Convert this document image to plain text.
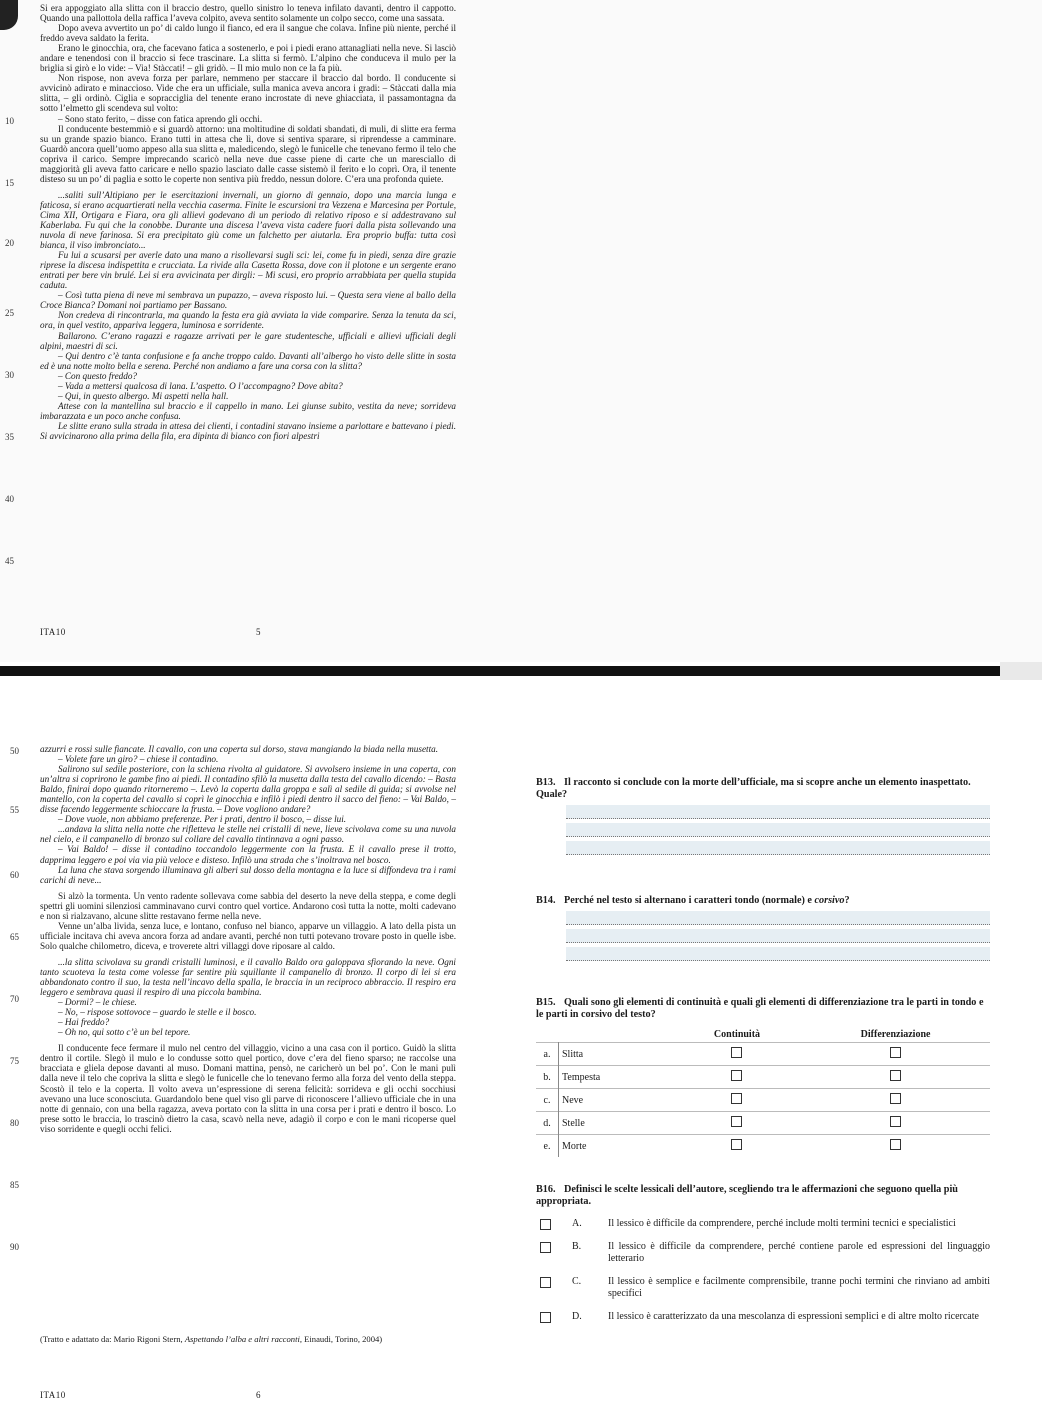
Si era appoggiato alla slitta con il braccio destro, quello sinistro lo teneva infilato davanti, dentro il cappotto. Quando una pallottola della raffica l’aveva colpito, aveva sentito solamente un colpo secco, come una sassata.

Dopo aveva avvertito un po’ di caldo lungo il fianco, ed era il sangue che colava. Infine più niente, perché il freddo aveva saldato la ferita.

Erano le ginocchia, ora, che facevano fatica a sostenerlo, e poi i piedi erano attanagliati nella neve. Si lasciò andare e tenendosi con il braccio si fece trascinare. La slitta si fermò. L’alpino che conduceva il mulo per la briglia si girò e lo vide: – Via! Stàccati! – gli gridò. – Il mio mulo non ce la fa più.

Non rispose, non aveva forza per parlare, nemmeno per staccare il braccio dal bordo. Il conducente si avvicinò adirato e minaccioso. Vide che era un ufficiale, sulla manica aveva ancora i gradi: – Stàccati dalla mia slitta, – gli ordinò. Ciglia e sopracciglia del tenente erano incrostate di neve ghiacciata, il passamontagna da sotto l’elmetto gli scendeva sul volto:

– Sono stato ferito, – disse con fatica aprendo gli occhi.

Il conducente bestemmiò e si guardò attorno: una moltitudine di soldati sbandati, di muli, di slitte era ferma su un grande spazio bianco. Erano tutti in attesa che lì, dove si sentiva sparare, si riprendesse a camminare. Guardò ancora quell’uomo appeso alla sua slitta e, maledicendo, slegò le funicelle che tenevano fermo il telo che copriva il carico. Sempre imprecando scaricò nella neve due casse piene di carte che un maresciallo di maggiorità gli aveva fatto caricare e nello spazio lasciato dalle casse sistemò il ferito e lo coprì. Ora, il tenente disteso su un po’ di paglia e sotto le coperte non sentiva più freddo, nessun dolore. C’era una profonda quiete.

...saliti sull’Altipiano per le esercitazioni invernali, un giorno di gennaio, dopo una marcia lunga e faticosa, si erano acquartierati nella vecchia caserma. Finite le escursioni tra Vezzena e Marcesina per Portule, Cima XII, Ortigara e Fiara, ora gli allievi godevano di un periodo di relativo riposo e si addestravano sul Kaberlaba. Fu qui che la conobbe. Durante una discesa l’aveva vista cadere fuori dalla pista sollevando una nuvola di neve farinosa. Si era precipitato giù come un falchetto per aiutarla. Era proprio buffa: tutta così bianca, il viso imbronciato...

Fu lui a scusarsi per averle dato una mano a risollevarsi sugli sci: lei, come fu in piedi, senza dire grazie riprese la discesa indispettita e crucciata. La rivide alla Casetta Rossa, dove con il plotone e un sergente erano entrati per bere vin brulé. Lei si era avvicinata per dirgli: – Mi scusi, ero proprio arrabbiata per quella stupida caduta.

– Così tutta piena di neve mi sembrava un pupazzo, – aveva risposto lui. – Questa sera viene al ballo della Croce Bianca? Domani noi partiamo per Bassano.

Non credeva di rincontrarla, ma quando la festa era già avviata la vide comparire. Senza la tenuta da sci, ora, in quel vestito, appariva leggera, luminosa e sorridente.

Ballarono. C’erano ragazzi e ragazze arrivati per le gare studentesche, ufficiali e allievi ufficiali degli alpini, maestri di sci.

– Qui dentro c’è tanta confusione e fa anche troppo caldo. Davanti all’albergo ho visto delle slitte in sosta ed è una notte molto bella e serena. Perché non andiamo a fare una corsa con la slitta?

– Con questo freddo?

– Vada a mettersi qualcosa di lana. L’aspetto. O l’accompagno? Dove abita?

– Qui, in questo albergo. Mi aspetti nella hall.

Attese con la mantellina sul braccio e il cappello in mano. Lei giunse subito, vestita da neve; sorrideva imbarazzata e un poco anche confusa.

Le slitte erano sulla strada in attesa dei clienti, i contadini stavano insieme a parlottare e battevano i piedi. Si avvicinarono alla prima della fila, era dipinta di bianco con fiori alpestri

10
15
20
25
30
35
40
45
ITA10	5

azzurri e rossi sulle fiancate. Il cavallo, con una coperta sul dorso, stava mangiando la biada nella musetta.

– Volete fare un giro? – chiese il contadino.

Salirono sul sedile posteriore, con la schiena rivolta al guidatore. Si avvolsero insieme in una coperta, con un’altra si coprirono le gambe fino ai piedi. Il contadino sfilò la musetta dalla testa del cavallo dicendo: – Basta Baldo, finirai dopo quando ritorneremo –. Levò la coperta dalla groppa e salì al sedile di guida; si avvolse nel mantello, con la coperta del cavallo si coprì le ginocchia e infilò i piedi dentro il sacco del fieno: – Vai Baldo, – disse facendo leggermente schioccare la frusta. – Dove vogliono andare?

– Dove vuole, non abbiamo preferenze. Per i prati, dentro il bosco, – disse lui.

...andava la slitta nella notte che rifletteva le stelle nei cristalli di neve, lieve scivolava come su una nuvola nel cielo, e il campanello di bronzo sul collare del cavallo tintinnava a ogni passo.

– Vai Baldo! – disse il contadino toccandolo leggermente con la frusta. E il cavallo prese il trotto, dapprima leggero e poi via via più veloce e disteso. Infilò una strada che s’inoltrava nel bosco.

La luna che stava sorgendo illuminava gli alberi sul dosso della montagna e la luce si diffondeva tra i rami carichi di neve...

Si alzò la tormenta. Un vento radente sollevava come sabbia del deserto la neve della steppa, e come degli spettri gli uomini silenziosi camminavano curvi contro quel vortice. Andarono così tutta la notte, molti cadevano e non si rialzavano, alcune slitte restavano ferme nella neve.

Venne un’alba livida, senza luce, e lontano, confuso nel bianco, apparve un villaggio. A lato della pista un ufficiale incitava chi aveva ancora forza ad andare avanti, perché non tutti potevano trovare posto in quelle isbe. Solo qualche chilometro, diceva, e troverete altri villaggi dove riposare al caldo.

...la slitta scivolava su grandi cristalli luminosi, e il cavallo Baldo ora galoppava sfiorando la neve. Ogni tanto scuoteva la testa come volesse far sentire più squillante il campanello di bronzo. Il corpo di lei si era abbandonato contro il suo, la testa nell’incavo della spalla, le braccia in un reciproco abbraccio. Il respiro era leggero e sembrava quasi il respiro di una piccola bambina.

– Dormi? – le chiese.

– No, – rispose sottovoce – guardo le stelle e il bosco.

– Hai freddo?

– Oh no, qui sotto c’è un bel tepore.

Il conducente fece fermare il mulo nel centro del villaggio, vicino a una casa con il portico. Guidò la slitta dentro il cortile. Slegò il mulo e lo condusse sotto quel portico, dove c’era del fieno sparso; ne raccolse una bracciata e gliela depose davanti al muso. Domani mattina, pensò, ne caricherò un bel po’. Con le mani pulì dalla neve il telo che copriva la slitta e slegò le funicelle che lo tenevano fermo alla forza del vento della steppa. Scostò il telo e la coperta. Il volto aveva un’espressione di serena felicità: sorrideva e gli occhi socchiusi avevano una luce sconosciuta. Guardandolo bene quel viso gli parve di riconoscere l’allievo ufficiale che in una notte di gennaio, con una bella ragazza, aveva portato con la slitta in una corsa per i prati e dentro il bosco. Lo prese sotto le braccia, lo trascinò dietro la casa, scavò nella neve, adagiò il corpo e con le mani ricoperse quel viso sorridente e quegli occhi felici.

(Tratto e adattato da: Mario Rigoni Stern, Aspettando l’alba e altri racconti, Einaudi, Torino, 2004)
50
55
60
65
70
75
80
85
90
ITA10	6
B13. Il racconto si conclude con la morte dell’ufficiale, ma si scopre anche un elemento inaspettato. Quale?
B14. Perché nel testo si alternano i caratteri tondo (normale) e corsivo?
B15. Quali sono gli elementi di continuità e quali gli elementi di differenziazione tra le parti in tondo e le parti in corsivo del testo?
		Continuità	Differenziazione
a.	Slitta		
b.	Tempesta		
c.	Neve		
d.	Stelle		
e.	Morte		
B16. Definisci le scelte lessicali dell’autore, scegliendo tra le affermazioni che seguono quella più appropriata.
A.	Il lessico è difficile da comprendere, perché include molti termini tecnici e specialistici
B.	Il lessico è difficile da comprendere, perché contiene parole ed espressioni del linguaggio letterario
C.	Il lessico è semplice e facilmente comprensibile, tranne pochi termini che rinviano ad ambiti specifici
D.	Il lessico è caratterizzato da una mescolanza di espressioni semplici e di altre molto ricercate
